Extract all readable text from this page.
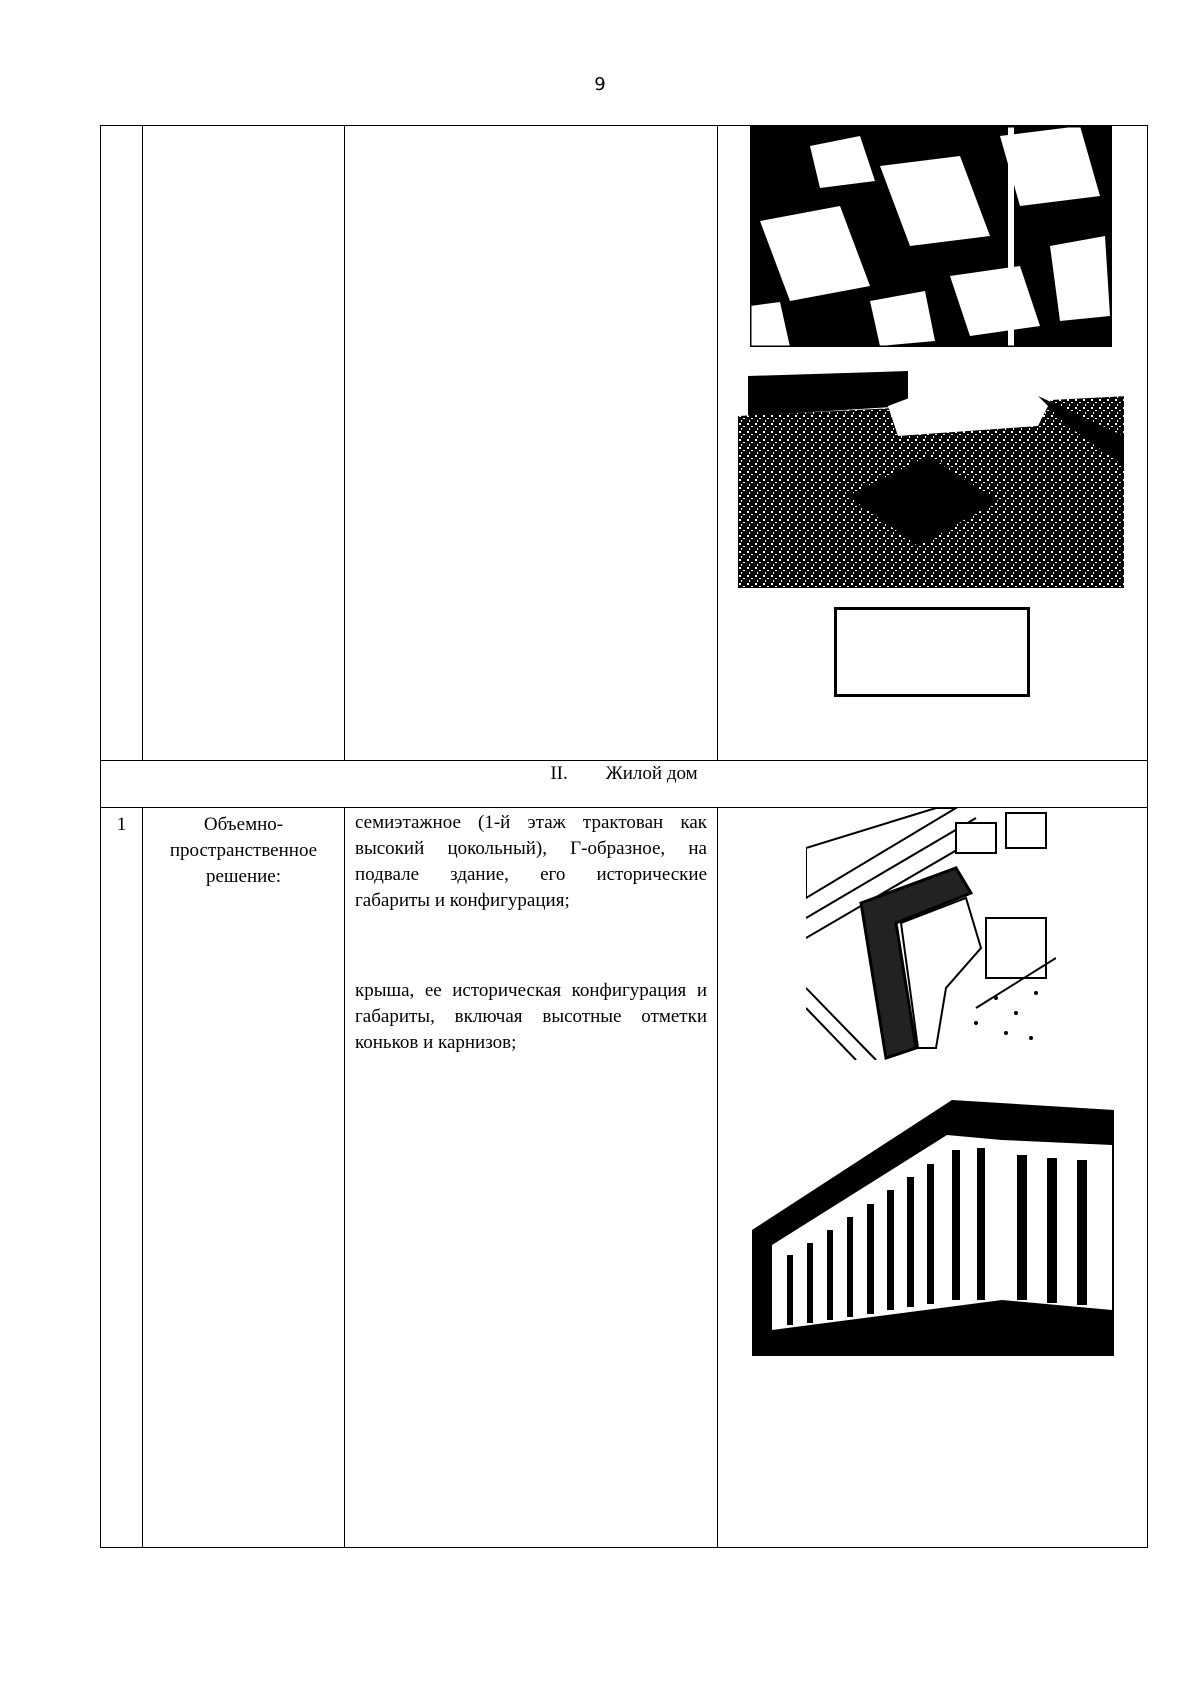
9

II. Жилой дом			
1	Объемно-пространственное решение:	семиэтажное (1-й этаж трактован как высокий цокольный), Г-образное, на подвале здание, его исторические габариты и конфигурация;

крыша, ее историческая конфигурация и габариты, включая высотные отметки коньков и карнизов;
